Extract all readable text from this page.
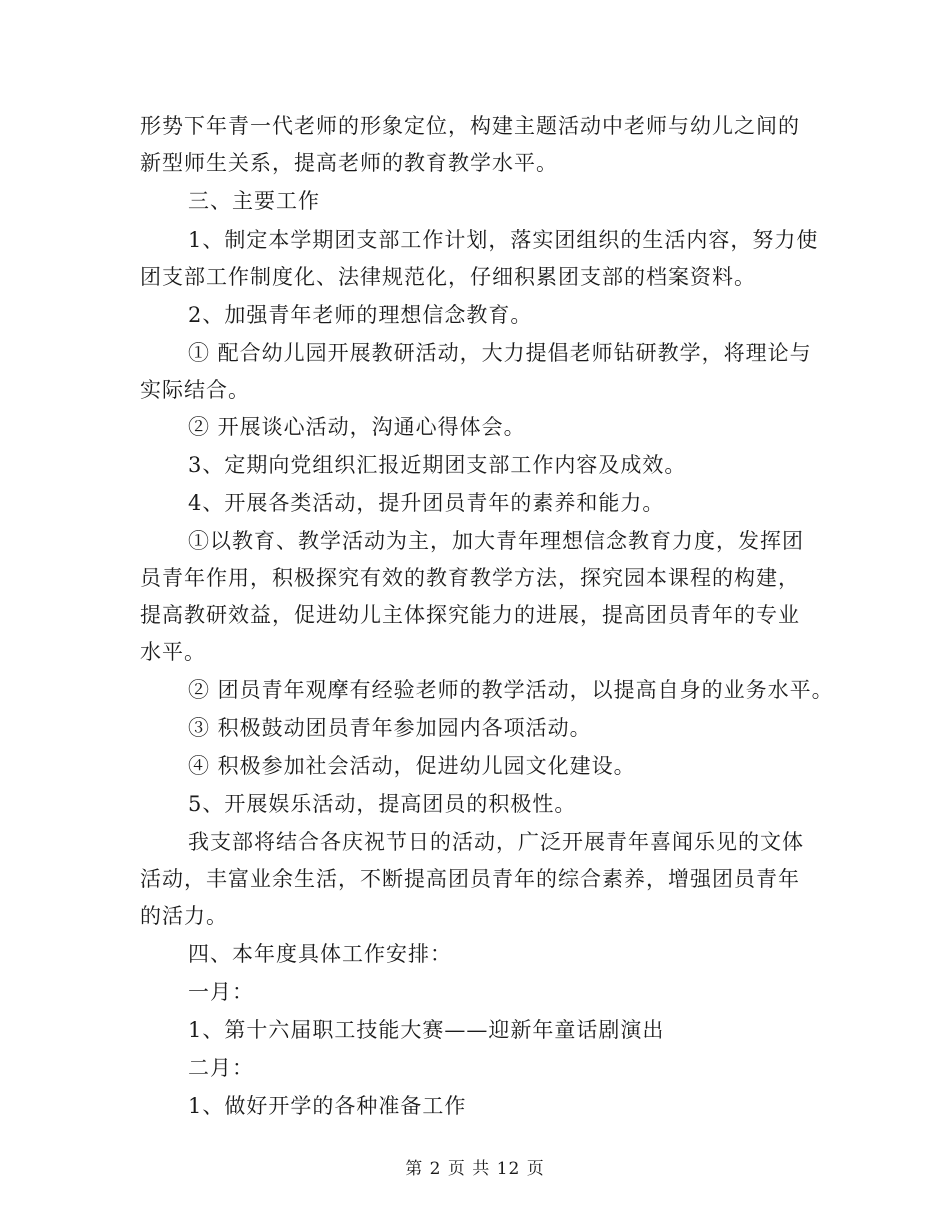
形势下年青一代老师的形象定位，构建主题活动中老师与幼儿之间的
新型师生关系，提高老师的教育教学水平。
三、主要工作
1、制定本学期团支部工作计划，落实团组织的生活内容，努力使
团支部工作制度化、法律规范化，仔细积累团支部的档案资料。
2、加强青年老师的理想信念教育。
① 配合幼儿园开展教研活动，大力提倡老师钻研教学，将理论与
实际结合。
② 开展谈心活动，沟通心得体会。
3、定期向党组织汇报近期团支部工作内容及成效。
4、开展各类活动，提升团员青年的素养和能力。
①以教育、教学活动为主，加大青年理想信念教育力度，发挥团
员青年作用，积极探究有效的教育教学方法，探究园本课程的构建，
提高教研效益，促进幼儿主体探究能力的进展，提高团员青年的专业
水平。
② 团员青年观摩有经验老师的教学活动，以提高自身的业务水平。
③ 积极鼓动团员青年参加园内各项活动。
④ 积极参加社会活动，促进幼儿园文化建设。
5、开展娱乐活动，提高团员的积极性。
我支部将结合各庆祝节日的活动，广泛开展青年喜闻乐见的文体
活动，丰富业余生活，不断提高团员青年的综合素养，增强团员青年
的活力。
四、本年度具体工作安排：
一月：
1、第十六届职工技能大赛——迎新年童话剧演出
二月：
1、做好开学的各种准备工作
第 2 页 共 12 页
